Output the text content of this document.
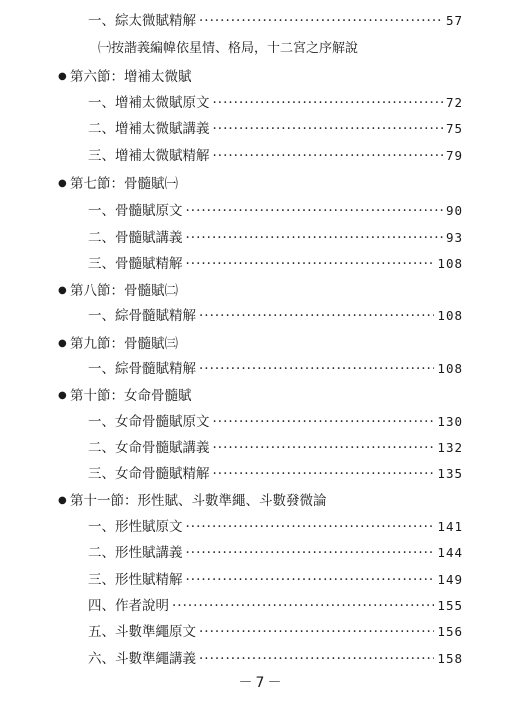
一、綜太微賦精解 ·····	57
㈠按諧義編幃依星情、格局，十二宮之序解說
● 第六節：增補太微賦
一、增補太微賦原文 ·····	72
二、增補太微賦講義 ·····	75
三、增補太微賦精解 ·····	79
● 第七節：骨髓賦㈠
一、骨髓賦原文 ·····	90
二、骨髓賦講義 ·····	93
三、骨髓賦精解 ·····	108
● 第八節：骨髓賦㈡
一、綜骨髓賦精解 ·····	108
● 第九節：骨髓賦㈢
一、綜骨髓賦精解 ·····	108
● 第十節：女命骨髓賦
一、女命骨髓賦原文 ·····	130
二、女命骨髓賦講義 ·····	132
三、女命骨髓賦精解 ·····	135
● 第十一節：形性賦、斗數準繩、斗數發微論
一、形性賦原文 ·····	141
二、形性賦講義 ·····	144
三、形性賦精解 ·····	149
四、作者說明 ·····	155
五、斗數準繩原文 ·····	156
六、斗數準繩講義 ·····	158
－7－
